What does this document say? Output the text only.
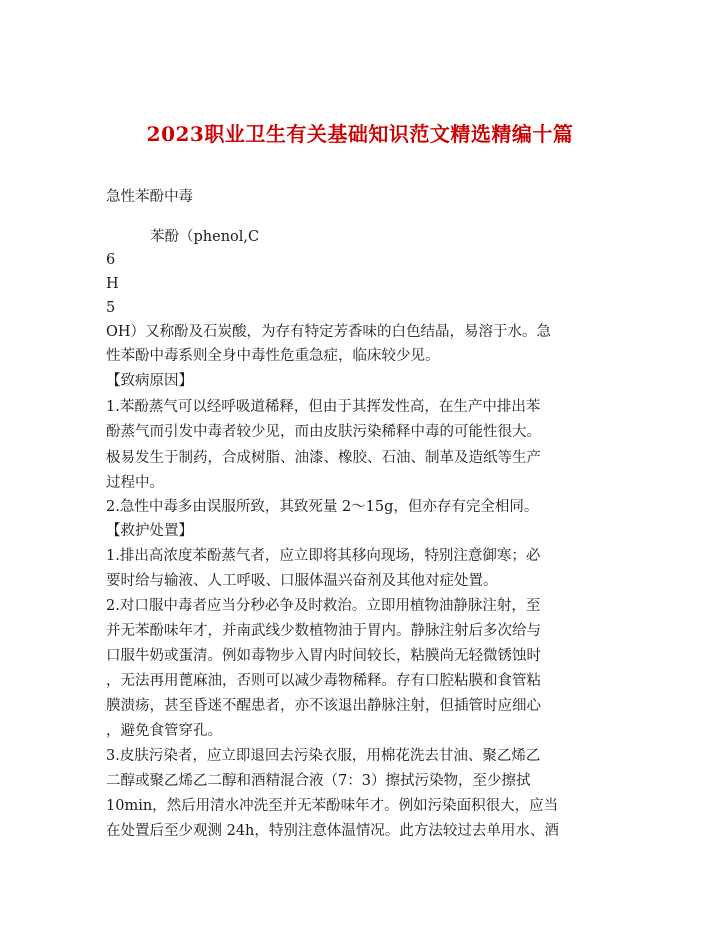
2023职业卫生有关基础知识范文精选精编十篇
急性苯酚中毒
苯酚（phenol,C
6
H
5
OH）又称酚及石炭酸，为存有特定芳香味的白色结晶，易溶于水。急
性苯酚中毒系则全身中毒性危重急症，临床较少见。
【致病原因】
1.苯酚蒸气可以经呼吸道稀释，但由于其挥发性高，在生产中排出苯
酚蒸气而引发中毒者较少见，而由皮肤污染稀释中毒的可能性很大。
极易发生于制药，合成树脂、油漆、橡胶、石油、制革及造纸等生产
过程中。
2.急性中毒多由误服所致，其致死量 2～15g，但亦存有完全相同。
【救护处置】
1.排出高浓度苯酚蒸气者，应立即将其移向现场，特别注意御寒；必
要时给与输液、人工呼吸、口服体温兴奋剂及其他对症处置。
2.对口服中毒者应当分秒必争及时救治。立即用植物油静脉注射，至
并无苯酚味年才，并南武线少数植物油于胃内。静脉注射后多次给与
口服牛奶或蛋清。例如毒物步入胃内时间较长，粘膜尚无轻微锈蚀时
，无法再用蓖麻油，否则可以减少毒物稀释。存有口腔粘膜和食管粘
膜溃疡，甚至昏迷不醒患者，亦不该退出静脉注射，但插管时应细心
，避免食管穿孔。
3.皮肤污染者，应立即退回去污染衣服，用棉花洗去甘油、聚乙烯乙
二醇或聚乙烯乙二醇和酒精混合液（7：3）擦拭污染物，至少擦拭
10min，然后用清水冲洗至并无苯酚味年才。例如污染面积很大，应当
在处置后至少观测 24h，特别注意体温情况。此方法较过去单用水、酒
